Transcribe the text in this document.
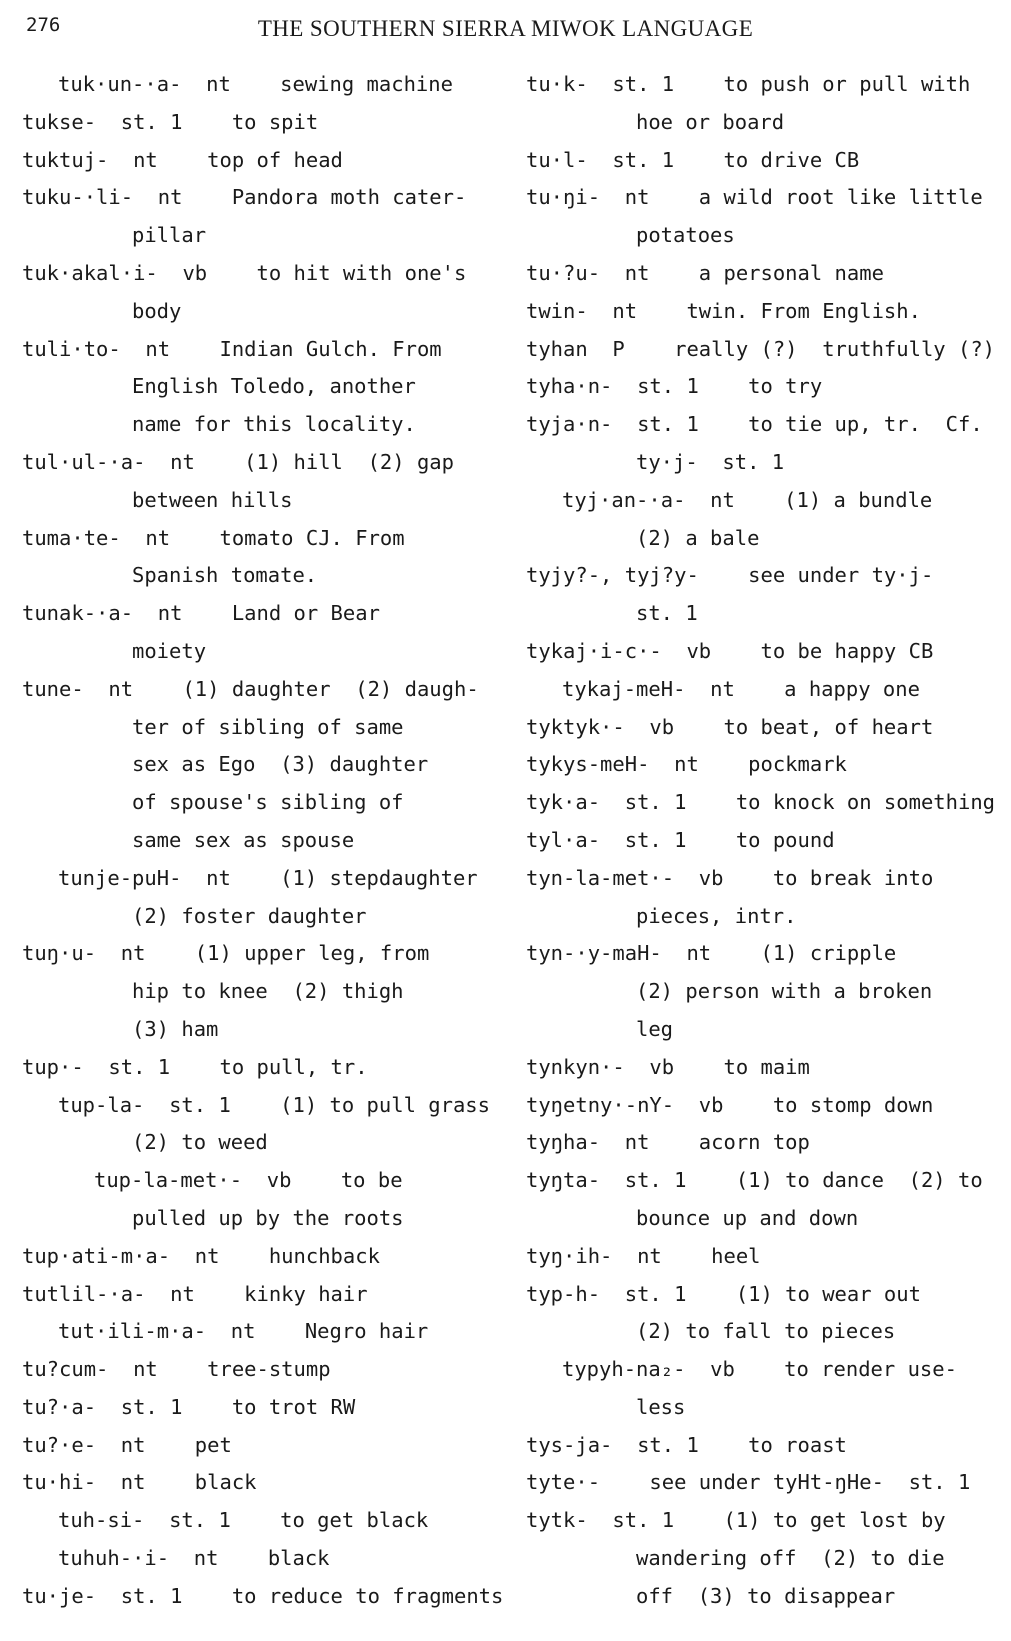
276	THE SOUTHERN SIERRA MIWOK LANGUAGE
tuk·un-·a-  nt    sewing machine
tukse-  st. 1    to spit
tuktuj-  nt    top of head
tuku-·li-  nt    Pandora moth cater-
pillar
tuk·akal·i-  vb    to hit with one's
body
tuli·to-  nt    Indian Gulch. From
English Toledo, another
name for this locality.
tul·ul-·a-  nt    (1) hill  (2) gap
between hills
tuma·te-  nt    tomato CJ. From
Spanish tomate.
tunak-·a-  nt    Land or Bear
moiety
tune-  nt    (1) daughter  (2) daugh-
ter of sibling of same
sex as Ego  (3) daughter
of spouse's sibling of
same sex as spouse
tunje-puH-  nt    (1) stepdaughter
(2) foster daughter
tuŋ·u-  nt    (1) upper leg, from
hip to knee  (2) thigh
(3) ham
tup·-  st. 1    to pull, tr.
tup-la-  st. 1    (1) to pull grass
(2) to weed
tup-la-met·-  vb    to be
pulled up by the roots
tup·ati-m·a-  nt    hunchback
tutlil-·a-  nt    kinky hair
tut·ili-m·a-  nt    Negro hair
tu?cum-  nt    tree-stump
tu?·a-  st. 1    to trot RW
tu?·e-  nt    pet
tu·hi-  nt    black
tuh-si-  st. 1    to get black
tuhuh-·i-  nt    black
tu·je-  st. 1    to reduce to fragments
tu·k-  st. 1    to push or pull with
hoe or board
tu·l-  st. 1    to drive CB
tu·ŋi-  nt    a wild root like little
potatoes
tu·?u-  nt    a personal name
twin-  nt    twin. From English.
tyhan  P    really (?)  truthfully (?)
tyha·n-  st. 1    to try
tyja·n-  st. 1    to tie up, tr.  Cf.
ty·j-  st. 1
tyj·an-·a-  nt    (1) a bundle
(2) a bale
tyjy?-, tyj?y-    see under ty·j-
st. 1
tykaj·i-c·-  vb    to be happy CB
tykaj-meH-  nt    a happy one
tyktyk·-  vb    to beat, of heart
tykys-meH-  nt    pockmark
tyk·a-  st. 1    to knock on something
tyl·a-  st. 1    to pound
tyn-la-met·-  vb    to break into
pieces, intr.
tyn-·y-maH-  nt    (1) cripple
(2) person with a broken
leg
tynkyn·-  vb    to maim
tyŋetny·-nY-  vb    to stomp down
tyŋha-  nt    acorn top
tyŋta-  st. 1    (1) to dance  (2) to
bounce up and down
tyŋ·ih-  nt    heel
typ-h-  st. 1    (1) to wear out
(2) to fall to pieces
typyh-na₂-  vb    to render use-
less
tys-ja-  st. 1    to roast
tyte·-    see under tyHt-ŋHe-  st. 1
tytk-  st. 1    (1) to get lost by
wandering off  (2) to die
off  (3) to disappear
